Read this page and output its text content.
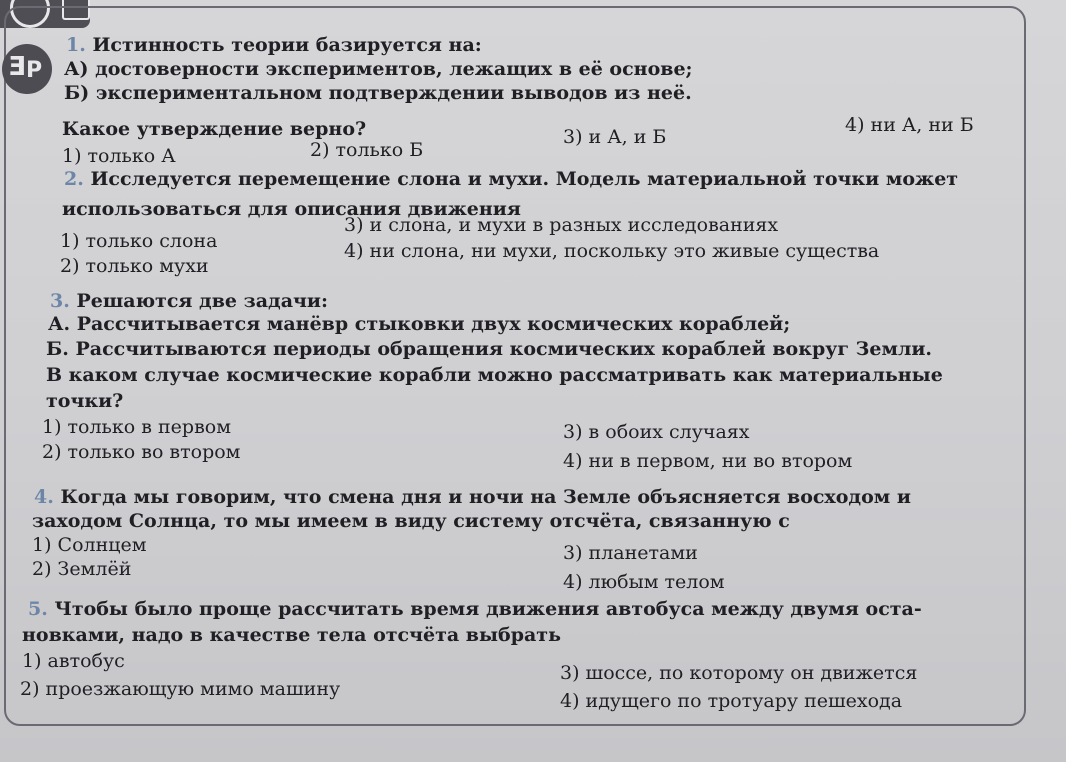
Ǝ Р
1. Истинность теории базируется на:
А) достоверности экспериментов, лежащих в её основе;
Б) экспериментальном подтверждении выводов из неё.
Какое утверждение верно?
1) только А	2) только Б
3) и А, и Б
4) ни А, ни Б
2. Исследуется перемещение слона и мухи. Модель материальной точки может
использоваться для описания движения
1) только слона
2) только мухи
3) и слона, и мухи в разных исследованиях
4) ни слона, ни мухи, поскольку это живые существа
3. Решаются две задачи:
А. Рассчитывается манёвр стыковки двух космических кораблей;
Б. Рассчитываются периоды обращения космических кораблей вокруг Земли.
В каком случае космические корабли можно рассматривать как материальные
точки?
1) только в первом
2) только во втором
3) в обоих случаях
4) ни в первом, ни во втором
4. Когда мы говорим, что смена дня и ночи на Земле объясняется восходом и
заходом Солнца, то мы имеем в виду систему отсчёта, связанную с
1) Солнцем
2) Землёй
3) планетами
4) любым телом
5. Чтобы было проще рассчитать время движения автобуса между двумя оста-
новками, надо в качестве тела отсчёта выбрать
1) автобус
2) проезжающую мимо машину
3) шоссе, по которому он движется
4) идущего по тротуару пешехода
